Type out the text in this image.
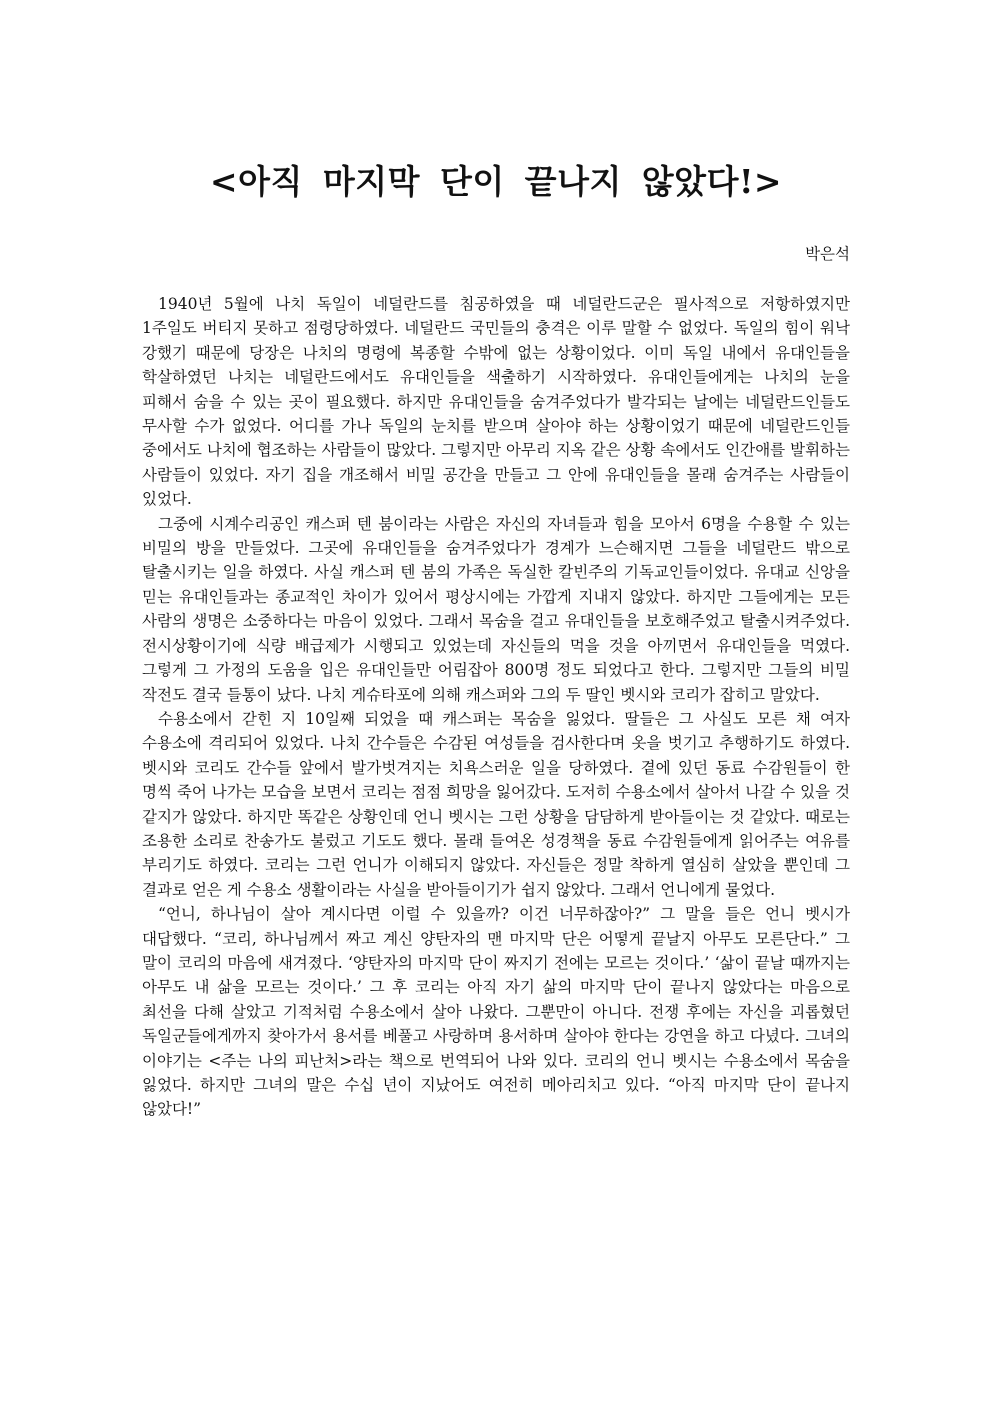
<아직 마지막 단이 끝나지 않았다!>
박은석

1940년 5월에 나치 독일이 네덜란드를 침공하였을 때 네덜란드군은 필사적으로 저항하였지만 1주일도 버티지 못하고 점령당하였다. 네덜란드 국민들의 충격은 이루 말할 수 없었다. 독일의 힘이 워낙 강했기 때문에 당장은 나치의 명령에 복종할 수밖에 없는 상황이었다. 이미 독일 내에서 유대인들을 학살하였던 나치는 네덜란드에서도 유대인들을 색출하기 시작하였다. 유대인들에게는 나치의 눈을 피해서 숨을 수 있는 곳이 필요했다. 하지만 유대인들을 숨겨주었다가 발각되는 날에는 네덜란드인들도 무사할 수가 없었다. 어디를 가나 독일의 눈치를 받으며 살아야 하는 상황이었기 때문에 네덜란드인들 중에서도 나치에 협조하는 사람들이 많았다. 그렇지만 아무리 지옥 같은 상황 속에서도 인간애를 발휘하는 사람들이 있었다. 자기 집을 개조해서 비밀 공간을 만들고 그 안에 유대인들을 몰래 숨겨주는 사람들이 있었다.

그중에 시계수리공인 캐스퍼 텐 붐이라는 사람은 자신의 자녀들과 힘을 모아서 6명을 수용할 수 있는 비밀의 방을 만들었다. 그곳에 유대인들을 숨겨주었다가 경계가 느슨해지면 그들을 네덜란드 밖으로 탈출시키는 일을 하였다. 사실 캐스퍼 텐 붐의 가족은 독실한 칼빈주의 기독교인들이었다. 유대교 신앙을 믿는 유대인들과는 종교적인 차이가 있어서 평상시에는 가깝게 지내지 않았다. 하지만 그들에게는 모든 사람의 생명은 소중하다는 마음이 있었다. 그래서 목숨을 걸고 유대인들을 보호해주었고 탈출시켜주었다. 전시상황이기에 식량 배급제가 시행되고 있었는데 자신들의 먹을 것을 아끼면서 유대인들을 먹였다. 그렇게 그 가정의 도움을 입은 유대인들만 어림잡아 800명 정도 되었다고 한다. 그렇지만 그들의 비밀 작전도 결국 들통이 났다. 나치 게슈타포에 의해 캐스퍼와 그의 두 딸인 벳시와 코리가 잡히고 말았다.

수용소에서 갇힌 지 10일째 되었을 때 캐스퍼는 목숨을 잃었다. 딸들은 그 사실도 모른 채 여자 수용소에 격리되어 있었다. 나치 간수들은 수감된 여성들을 검사한다며 옷을 벗기고 추행하기도 하였다. 벳시와 코리도 간수들 앞에서 발가벗겨지는 치욕스러운 일을 당하였다. 곁에 있던 동료 수감원들이 한 명씩 죽어 나가는 모습을 보면서 코리는 점점 희망을 잃어갔다. 도저히 수용소에서 살아서 나갈 수 있을 것 같지가 않았다. 하지만 똑같은 상황인데 언니 벳시는 그런 상황을 담담하게 받아들이는 것 같았다. 때로는 조용한 소리로 찬송가도 불렀고 기도도 했다. 몰래 들여온 성경책을 동료 수감원들에게 읽어주는 여유를 부리기도 하였다. 코리는 그런 언니가 이해되지 않았다. 자신들은 정말 착하게 열심히 살았을 뿐인데 그 결과로 얻은 게 수용소 생활이라는 사실을 받아들이기가 쉽지 않았다. 그래서 언니에게 물었다.

“언니, 하나님이 살아 계시다면 이럴 수 있을까? 이건 너무하잖아?” 그 말을 들은 언니 벳시가 대답했다. “코리, 하나님께서 짜고 계신 양탄자의 맨 마지막 단은 어떻게 끝날지 아무도 모른단다.” 그 말이 코리의 마음에 새겨졌다. ‘양탄자의 마지막 단이 짜지기 전에는 모르는 것이다.’ ‘삶이 끝날 때까지는 아무도 내 삶을 모르는 것이다.’ 그 후 코리는 아직 자기 삶의 마지막 단이 끝나지 않았다는 마음으로 최선을 다해 살았고 기적처럼 수용소에서 살아 나왔다. 그뿐만이 아니다. 전쟁 후에는 자신을 괴롭혔던 독일군들에게까지 찾아가서 용서를 베풀고 사랑하며 용서하며 살아야 한다는 강연을 하고 다녔다. 그녀의 이야기는 <주는 나의 피난처>라는 책으로 번역되어 나와 있다. 코리의 언니 벳시는 수용소에서 목숨을 잃었다. 하지만 그녀의 말은 수십 년이 지났어도 여전히 메아리치고 있다. “아직 마지막 단이 끝나지 않았다!”
